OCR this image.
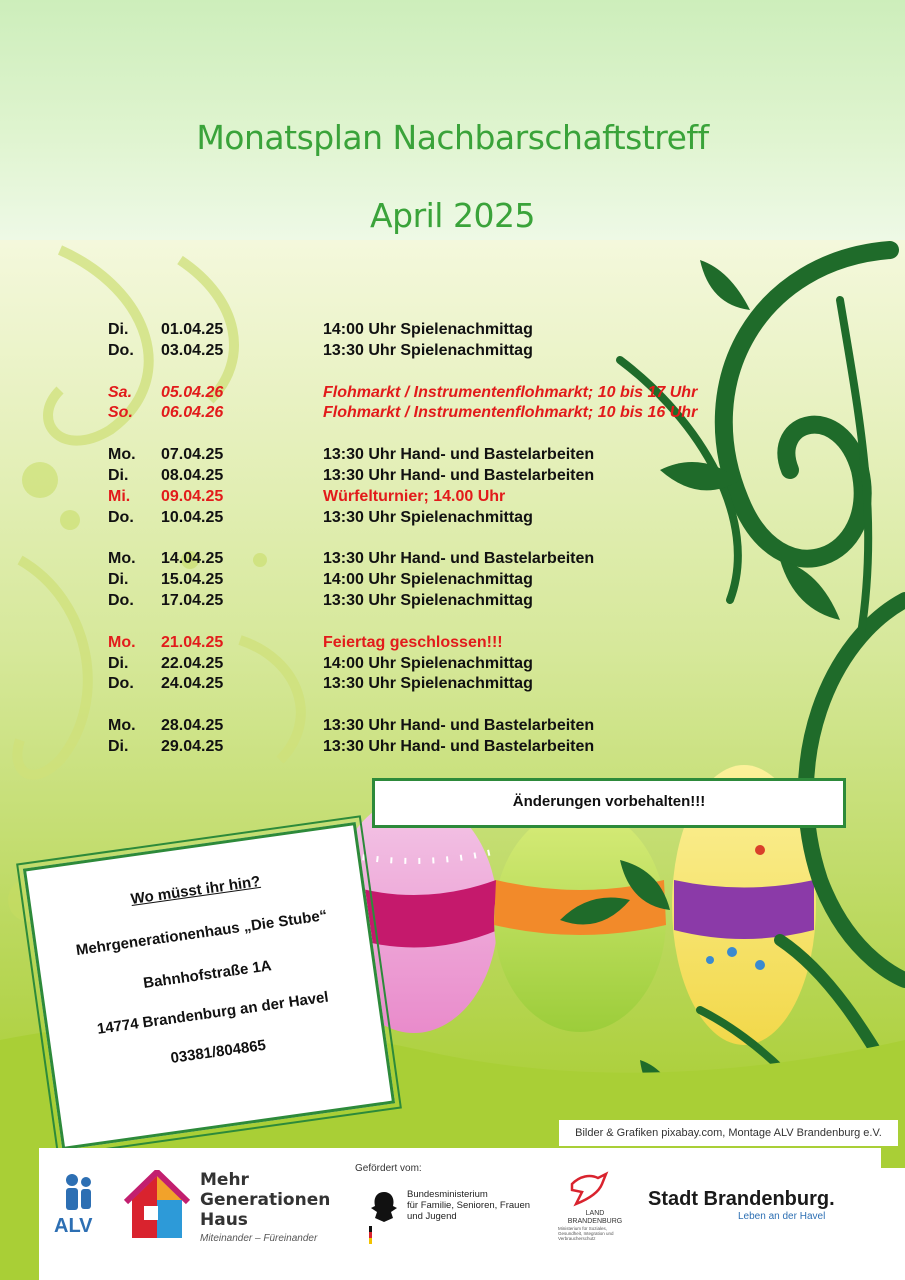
Monatsplan Nachbarschaftstreff
April 2025
Di. 01.04.25	14:00 Uhr Spielenachmittag
Do. 03.04.25	13:30 Uhr Spielenachmittag
Sa. 05.04.26	Flohmarkt / Instrumentenflohmarkt; 10 bis 17 Uhr
So. 06.04.26	Flohmarkt / Instrumentenflohmarkt; 10 bis 16 Uhr
Mo. 07.04.25	13:30 Uhr Hand- und Bastelarbeiten
Di. 08.04.25	13:30 Uhr Hand- und Bastelarbeiten
Mi. 09.04.25	Würfelturnier; 14.00 Uhr
Do. 10.04.25	13:30 Uhr Spielenachmittag
Mo. 14.04.25	13:30 Uhr Hand- und Bastelarbeiten
Di. 15.04.25	14:00 Uhr Spielenachmittag
Do. 17.04.25	13:30 Uhr Spielenachmittag
Mo. 21.04.25	Feiertag geschlossen!!!
Di. 22.04.25	14:00 Uhr Spielenachmittag
Do. 24.04.25	13:30 Uhr Spielenachmittag
Mo. 28.04.25	13:30 Uhr Hand- und Bastelarbeiten
Di. 29.04.25	13:30 Uhr Hand- und Bastelarbeiten
Änderungen vorbehalten!!!
Wo müsst ihr hin?
Mehrgenerationenhaus „Die Stube“
Bahnhofstraße 1A
14774 Brandenburg an der Havel
03381/804865
Bilder & Grafiken pixabay.com, Montage ALV Brandenburg e.V.
ALV
Mehr
Generationen
Haus
Miteinander – Füreinander
Gefördert vom:
Bundesministerium
für Familie, Senioren, Frauen
und Jugend	LAND
BRANDENBURG
Ministerium für Soziales, Gesundheit, Integration und Verbraucherschutz
Stadt Brandenburg.
Leben an der Havel
